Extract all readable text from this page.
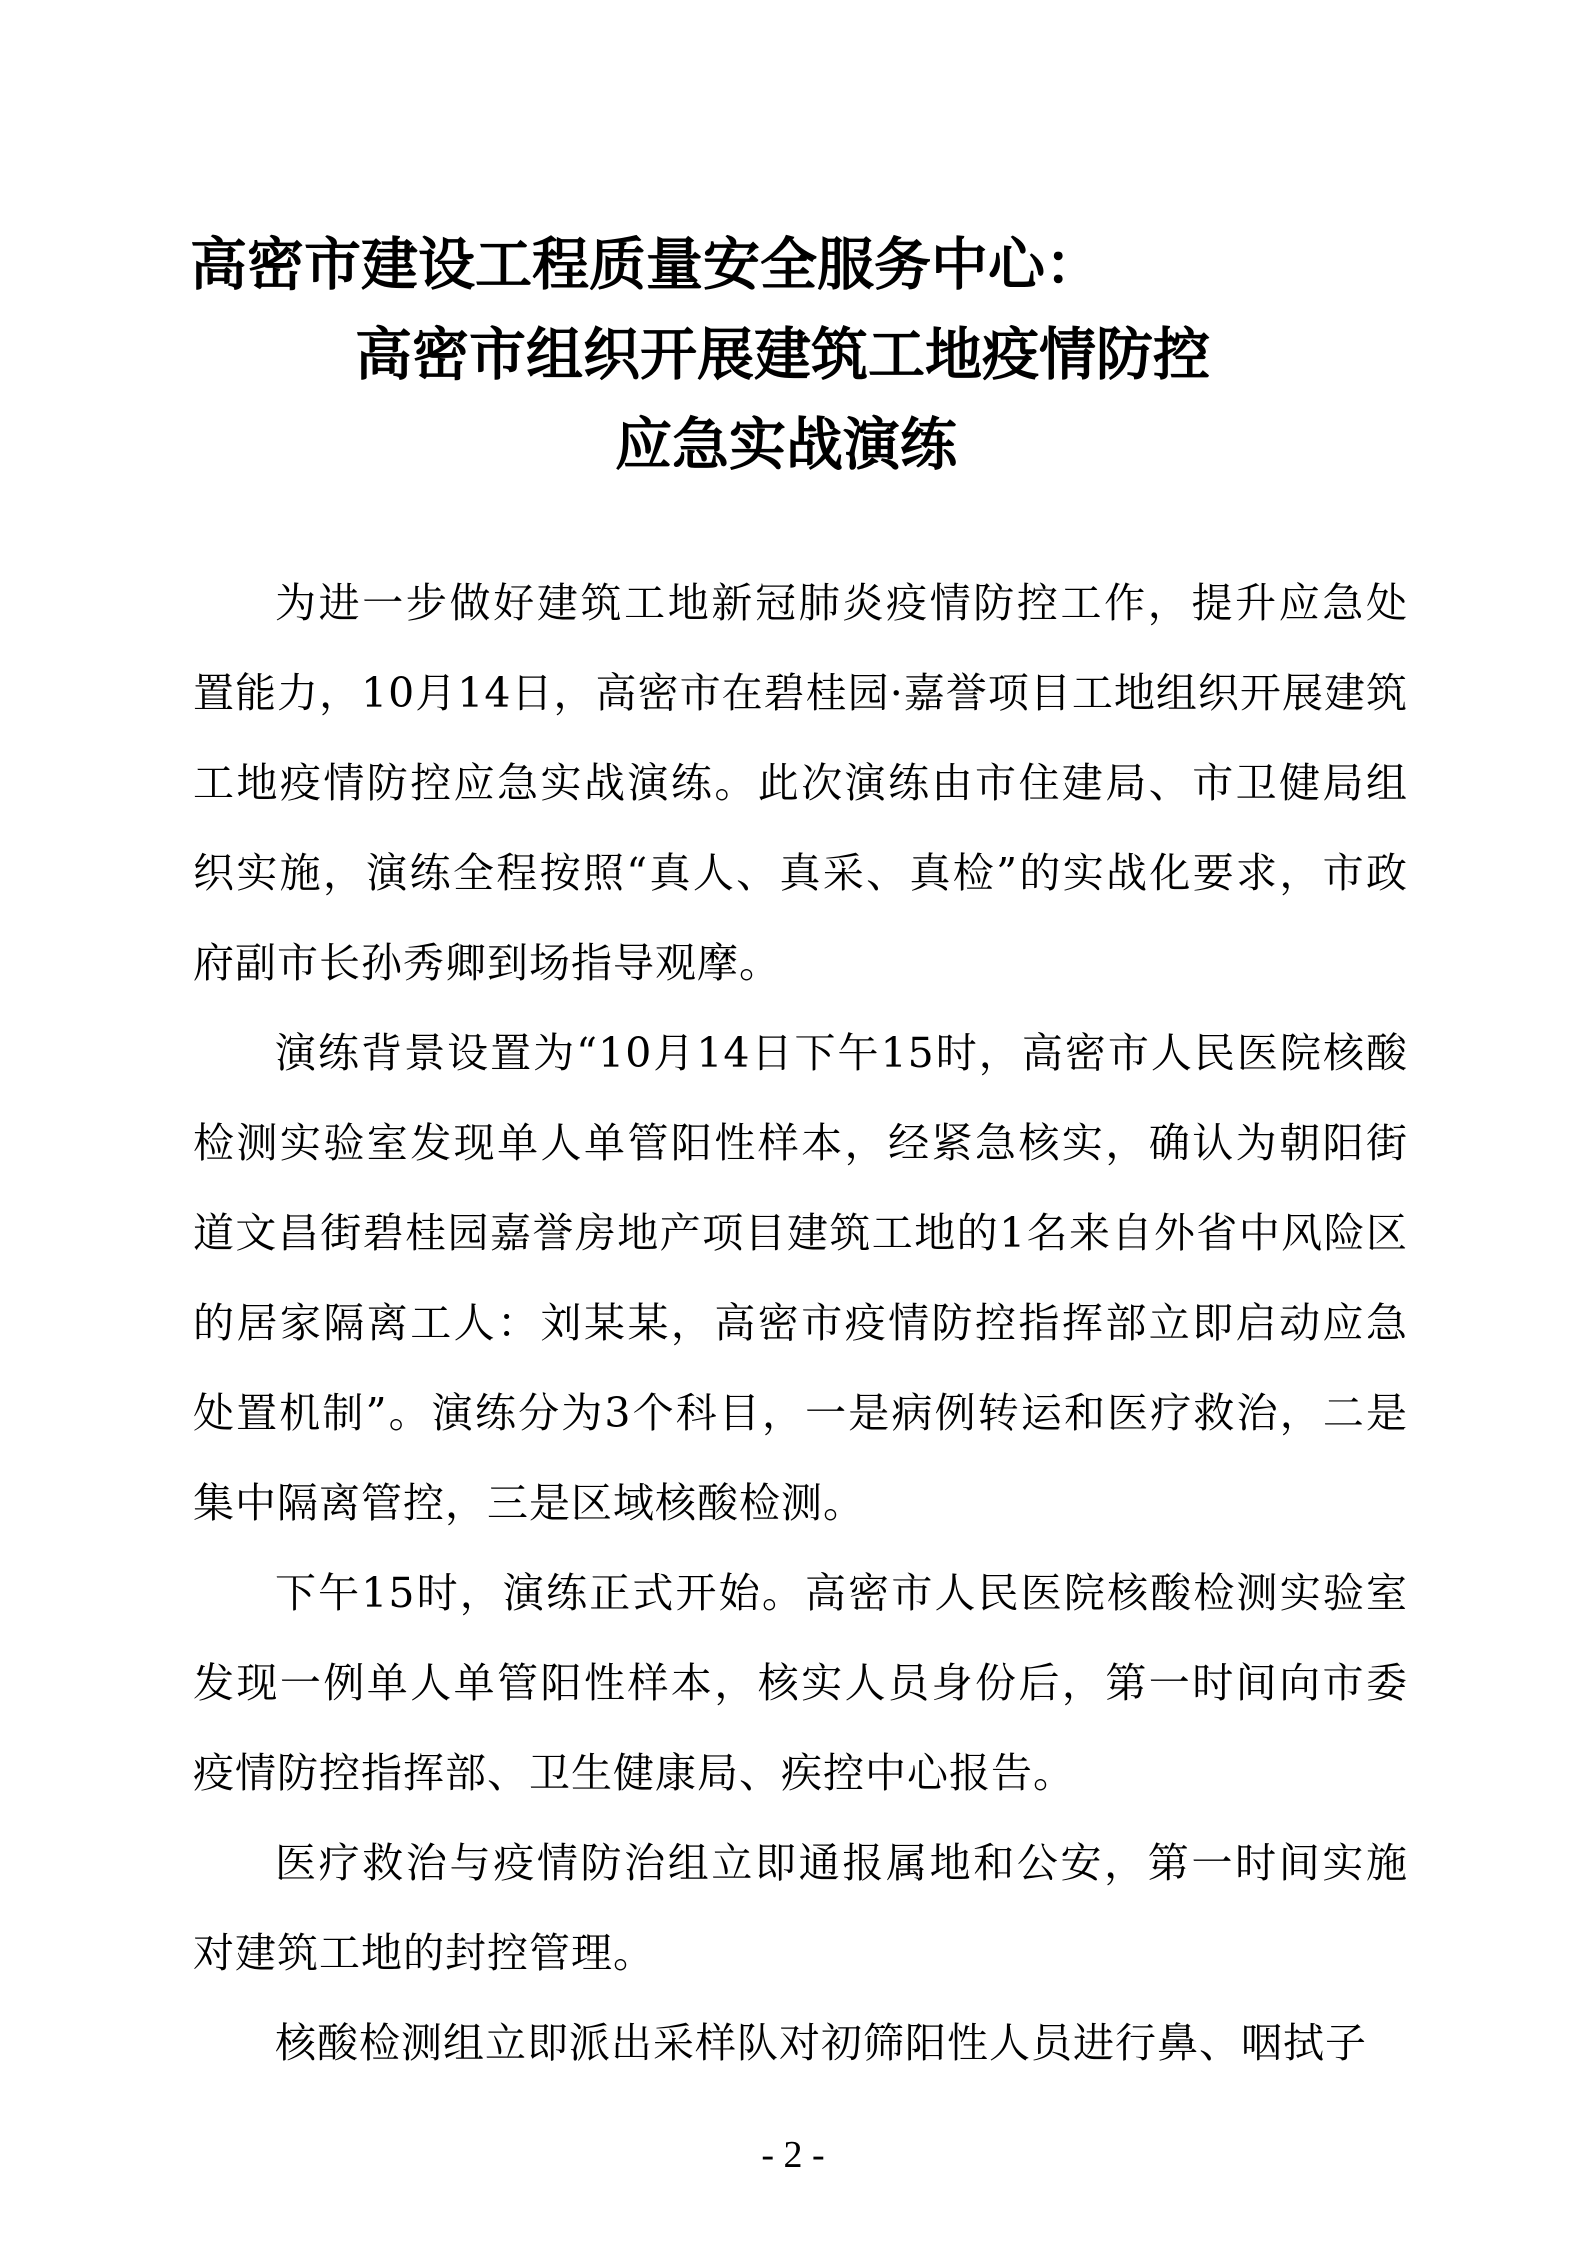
高密市建设工程质量安全服务中心：
高密市组织开展建筑工地疫情防控
应急实战演练

为进一步做好建筑工地新冠肺炎疫情防控工作，提升应急处置能力，10月14日，高密市在碧桂园·嘉誉项目工地组织开展建筑工地疫情防控应急实战演练。此次演练由市住建局、市卫健局组织实施，演练全程按照“真人、真采、真检”的实战化要求，市政府副市长孙秀卿到场指导观摩。

演练背景设置为“10月14日下午15时，高密市人民医院核酸检测实验室发现单人单管阳性样本，经紧急核实，确认为朝阳街道文昌街碧桂园嘉誉房地产项目建筑工地的1名来自外省中风险区的居家隔离工人：刘某某，高密市疫情防控指挥部立即启动应急处置机制”。演练分为3个科目，一是病例转运和医疗救治，二是集中隔离管控，三是区域核酸检测。

下午15时，演练正式开始。高密市人民医院核酸检测实验室发现一例单人单管阳性样本，核实人员身份后，第一时间向市委疫情防控指挥部、卫生健康局、疾控中心报告。

医疗救治与疫情防治组立即通报属地和公安，第一时间实施对建筑工地的封控管理。

核酸检测组立即派出采样队对初筛阳性人员进行鼻、咽拭子

- 2 -
